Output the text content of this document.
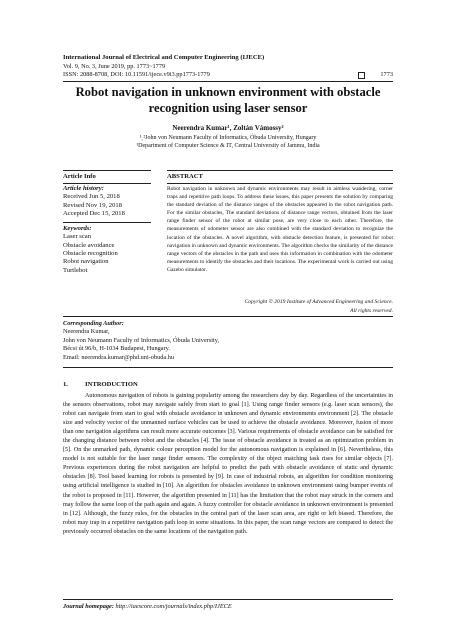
International Journal of Electrical and Computer Engineering (IJECE)
Vol. 9, No. 3, June 2019, pp. 1773~1779
ISSN: 2088-8708, DOI: 10.11591/ijece.v9i3.pp1773-1779	1773
Robot navigation in unknown environment with obstacle recognition using laser sensor
Neerendra Kumar¹, Zoltán Vámossy²
¹ˎ²John von Neumann Faculty of Informatics, Óbuda University, Hungary
¹Department of Computer Science & IT, Central University of Jammu, India
Article Info	ABSTRACT
Article history:
Received Jun 5, 2018
Revised Nov 19, 2018
Accepted Dec 15, 2018
Keywords:
Laser scan
Obstacle avoidance
Obstacle recognition
Robot navigation
Turtlebot
Robot navigation in unknown and dynamic environments may result in aimless wandering, corner traps and repetitive path loops. To address these issues, this paper presents the solution by comparing the standard deviation of the distance ranges of the obstacles appeared in the robot navigation path. For the similar obstacles, The standard deviations of distance range vectors, obtained from the laser range finder sensor of the robot at similar pose, are very close to each other. Therefore, the measurements of odometer sensor are also combined with the standard deviation to recognize the location of the obstacles. A novel algorithm, with obstacle detection feature, is presented for robot navigation in unknown and dynamic environments. The algorithm checks the similarity of the distance range vectors of the obstacles in the path and uses this information in combination with the odometer measurements to identify the obstacles and their locations. The experimental work is carried out using Gazebo simulator.
Copyright © 2019 Institute of Advanced Engineering and Science.
All rights reserved.
Corresponding Author:
Neerendra Kumar,
John von Neumann Faculty of Informatics, Óbuda University,
Bécsi út 96/b, H-1034 Budapest, Hungary.
Email: neerendra.kumar@phd.uni-obuda.hu
1.	INTRODUCTION
Autonomous navigation of robots is gaining popularity among the researchers day by day. Regardless of the uncertainties in the sensors observations, robot may navigate safely from start to goal [1]. Using range finder sensors (e.g. laser scan sensors), the robot can navigate from start to goal with obstacle avoidance in unknown and dynamic environments environment [2]. The obstacle size and velocity vector of the unmanned surface vehicles can be used to achieve the obstacle avoidance. Moreover, fusion of more than one navigation algorithms can result more accurate outcomes [3]. Various requirements of obstacle avoidance can be satisfied for the changing distance between robot and the obstacles [4]. The issue of obstacle avoidance is treated as an optimization problem in [5]. On the unmarked path, dynamic colour perception model for the autonomous navigation is explained in [6]. Nevertheless, this model is not suitable for the laser range finder sensors. The complexity of the object matching task rises for similar objects [7]. Previous experiences during the robot navigation are helpful to predict the path with obstacle avoidance of static and dynamic obstacles [8]. Tool based learning for robots is presented by [9]. In case of industrial robots, an algorithm for condition monitoring using artificial intelligence is studied in [10]. An algorithm for obstacles avoidance in unknown environment using bumper events of the robot is proposed in [11]. However, the algorithm presented in [11] has the limitation that the robot may struck in the corners and may follow the same loop of the path again and again. A fuzzy controller for obstacle avoidance in unknown environment is presented in [12]. Although, the fuzzy rules, for the obstacles in the central part of the laser scan area, are right or left biased. Therefore, the robot may trap in a repetitive navigation path loop in some situations. In this paper, the scan range vectors are compared to detect the previously occurred obstacles on the same locations of the navigation path.
Journal homepage: http://iaescore.com/journals/index.php/IJECE
